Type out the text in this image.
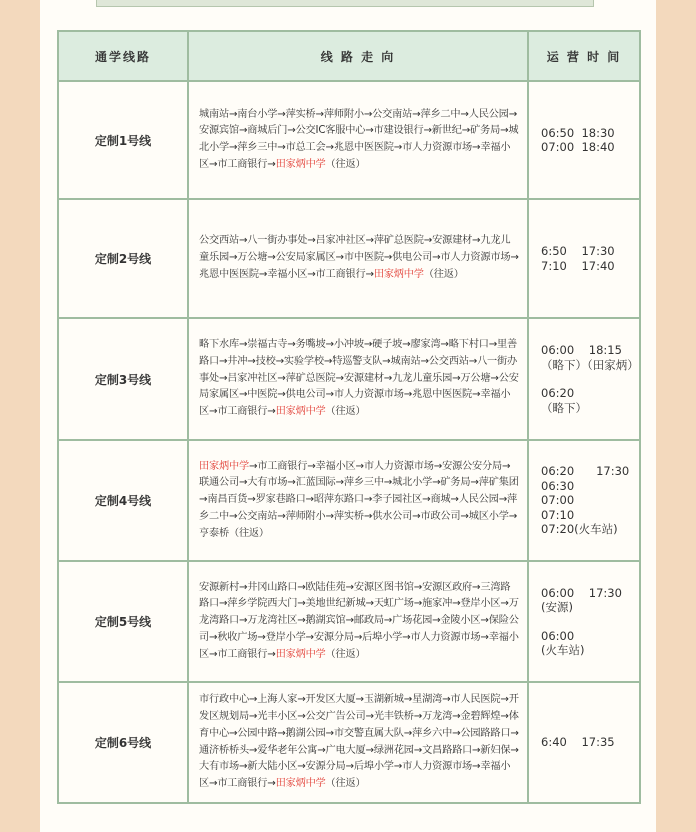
通学线路	线 路 走 向	运 营 时 间
定制1号线	城南站→南台小学→萍实桥→萍师附小→公交南站→萍乡二中→人民公园→安源宾馆→商城后门→公交IC客服中心→市建设银行→新世纪→矿务局→城北小学→萍乡三中→市总工会→兆恩中医医院→市人力资源市场→幸福小区→市工商银行→田家炳中学（往返）	06:50  18:30
07:00  18:40

定制2号线	公交西站→八一街办事处→吕家冲社区→萍矿总医院→安源建材→九龙儿童乐园→万公塘→公安局家属区→市中医院→供电公司→市人力资源市场→兆恩中医医院→幸福小区→市工商银行→田家炳中学（往返）	6:50    17:30
7:10    17:40

定制3号线	略下水库→崇福古寺→务嘴坡→小冲坡→硬子坡→廖家湾→略下村口→里善路口→井冲→技校→实验学校→特巡警支队→城南站→公交西站→八一街办事处→吕家冲社区→萍矿总医院→安源建材→九龙儿童乐园→万公塘→公安局家属区→中医院→供电公司→市人力资源市场→兆恩中医医院→幸福小区→市工商银行→田家炳中学（往返）	06:00    18:15
（略下）（田家炳）
06:20
（略下）

定制4号线	田家炳中学→市工商银行→幸福小区→市人力资源市场→安源公安分局→联通公司→大有市场→汇蓝国际→萍乡三中→城北小学→矿务局→萍矿集团→南昌百货→罗家巷路口→昭萍东路口→李子园社区→商城→人民公园→萍乡二中→公交南站→萍师附小→萍实桥→供水公司→市政公司→城区小学→亨泰桥（往返）	06:20      17:30
06:30
07:00
07:10
07:20(火车站)

定制5号线	安源新村→井冈山路口→欧陆佳苑→安源区图书馆→安源区政府→三湾路路口→萍乡学院西大门→美地世纪新城→天虹广场→施家冲→登岸小区→万龙湾路口→万龙湾社区→鹅湖宾馆→邮政局→广场花园→金陵小区→保险公司→秋收广场→登岸小学→安源分局→后埠小学→市人力资源市场→幸福小区→市工商银行→田家炳中学（往返）	06:00    17:30
(安源)
06:00
(火车站)

定制6号线	市行政中心→上海人家→开发区大厦→玉湖新城→星湖湾→市人民医院→开发区规划局→光丰小区→公交广告公司→光丰铁桥→万龙湾→金碧辉煌→体育中心→公园中路→鹅湖公园→市交警直属大队→萍乡六中→公园路路口→通济桥桥头→爱华老年公寓→广电大厦→绿洲花园→文昌路路口→新妇保→大有市场→新大陆小区→安源分局→后埠小学→市人力资源市场→幸福小区→市工商银行→田家炳中学（往返）	6:40    17:35
